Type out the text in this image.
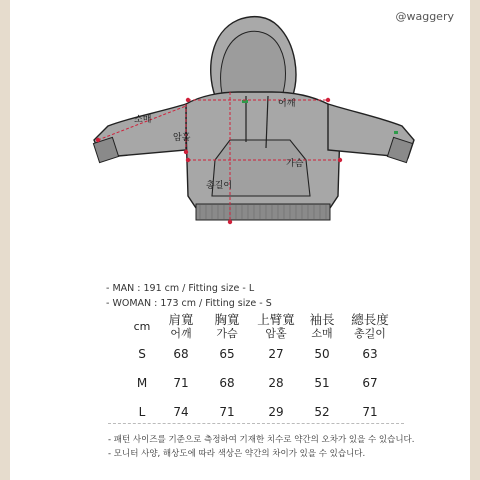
@waggery
소매
암홀
어깨
가슴
총길이
- MAN : 191 cm / Fitting size - L
- WOMAN : 173 cm / Fitting size - S
cm	肩寬	胸寬	上臂寬	袖長	總長度
	어깨	가슴	암홀	소매	총길이
S	68	65	27	50	63
M	71	68	28	51	67
L	74	71	29	52	71
- 패턴 사이즈를 기준으로 측정하여 기재한 치수로 약간의 오차가 있을 수 있습니다.
- 모니터 사양, 해상도에 따라 색상은 약간의 차이가 있을 수 있습니다.
